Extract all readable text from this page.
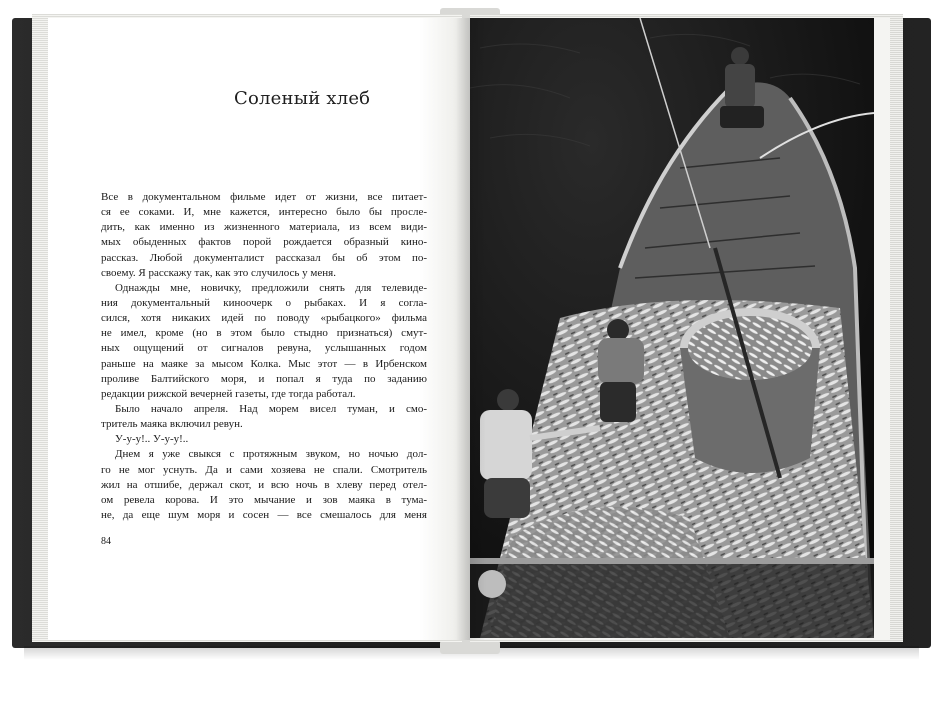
Соленый хлеб
Все в документальном фильме идет от жизни, все питает-
ся ее соками. И, мне кажется, интересно было бы просле-
дить, как именно из жизненного материала, из всем види-
мых обыденных фактов порой рождается образный кино-
рассказ. Любой документалист рассказал бы об этом по-
своему. Я расскажу так, как это случилось у меня.
Однажды мне, новичку, предложили снять для телевиде-
ния документальный киноочерк о рыбаках. И я согла-
сился, хотя никаких идей по поводу «рыбацкого» фильма
не имел, кроме (но в этом было стыдно признаться) смут-
ных ощущений от сигналов ревуна, услышанных годом
раньше на маяке за мысом Колка. Мыс этот — в Ирбенском
проливе Балтийского моря, и попал я туда по заданию
редакции рижской вечерней газеты, где тогда работал.
Было начало апреля. Над морем висел туман, и смо-
тритель маяка включил ревун.
У-у-у!.. У-у-у!..
Днем я уже свыкся с протяжным звуком, но ночью дол-
го не мог уснуть. Да и сами хозяева не спали. Смотритель
жил на отшибе, держал скот, и всю ночь в хлеву перед отел-
ом ревела корова. И это мычание и зов маяка в тума-
не, да еще шум моря и сосен — все смешалось для меня
84
